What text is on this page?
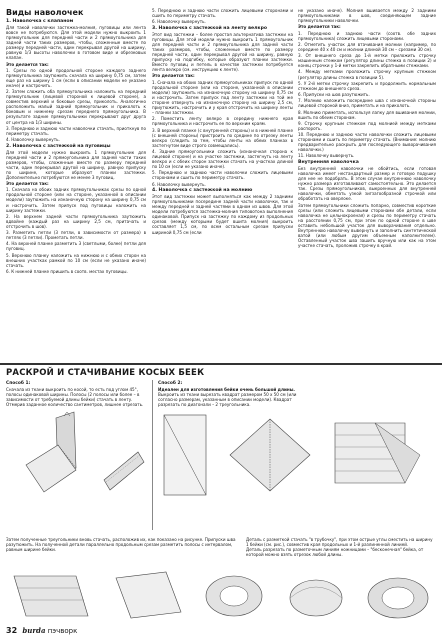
Виды наволочек
1. Наволочка с клапаном

Для такой наволочки застежка-молния, пуговицы или лента вовсе не потребуются. Для этой модели нужно выкроить 1 прямоугольник для передней части и 2 прямоугольника для задней части таких размеров, чтобы, сложенные вместе по размеру передней части, один перекрывал другой на ширину, равную 1/3 высоты наволочки в готовом виде и обрезковых клапан.

Это делается так:

1. Срезы по одной продольной стороне каждого заднего прямоугольника заутюжить сначала на ширину 0,75 см, затем еще раз на ширину 1 см (если в описании модели не указано иначе) и настрочить.

2. Затем сложить оба прямоугольника наложить на передний прямоугольник (лицевой стороной к лицевой стороне), а совместив верхний и боковые срезы, приколоть. Аналогично расположить малый задний прямоугольник и приколоть к боковым и нижнему срезам переднего прямоугольника. В результате задние прямоугольники перекрывают друг друга от центра на 1/3 ширины.

3. Переднюю и заднюю части наволочки стачать, приоткнув по периметру стачать.

4. Наволочку вывернуть.

2. Наволочка с застежкой на пуговицы

Для этой модели нужно выкроить 1 прямоугольник для передней части и 2 прямоугольника для задней части таких размеров, чтобы, сложенные вместе по размеру передней части, один перекрывал другой на ширину, равную припуску по ширине, которые образуют планки застежки. Дополнительно потребуются не менее 3 пуговиц.

Это делается так:

1. Сначала на обоих задних прямоугольниках срезы по одной продольной стороне (или на стороне, указанной в описании модели) заутюжить на изнаночную сторону на ширину 0,75 см и настрочить. Затем припуск под пуговицы наложить на ширину застежки.

2. На верхнем задней части прямоугольника заутюжить вдвойне (каждый раз на ширину 2,5 см, притачать и отстрочить в шов).

3. Разметить петли (3 петли, в зависимости от размера) в петлях (3 петли). Прометать петли.

4. На верхней планке разметить 3 (светлыми, более) петли для пуговиц.

5. Верхнюю планку наложить на нижнюю и с обеих сторон на внешних участках рамкой по 10 см (если не указано иначе) стачать.

6. К нижней планке пришить в соотв. местах пуговицы.

5. Переднюю и заднюю части сложить лицевыми сторонами и сшить по периметру стачать.

6. Наволочку вывернуть.

3. Наволочка с застежкой на ленту велкро

Этот вид застежки – более простая альтернатива застежки на пуговицы. Для этой модели нужно выкроить 1 прямоугольник для передней части и 2 прямоугольника для задней части таких размеров, чтобы, сложенные вместе по размеру передней части, один перекрывал другой на ширину, равную припуску на подгибку, которые образуют планки застежки. Вместо пуговиц и петель в качестве застежки потребуется лента велкро (см. инструкцию к ленте).

Это делается так:

1. Сначала на обоих задних прямоугольниках припуск по одной продольной стороне (или на стороне, указанной в описании модели) заутюжить на изнаночную сторону на ширину 0,75 см и настрочить. Затем припуск под ленту застежки на той же стороне отвернуть на изнаночную сторону на ширину 2,5 см, приутюжить, настрочить и у края отстрочить на ширину ленты – планки застежки.

2. Поместить ленту велкро в середину нижнего края прямоугольника и настрочить ее по верхним краям.

3. В верхний планке (с внутренней стороны) и в нижней планке (с внешней стороны) пристроить по средине по отрезку ленты велкро (следить за тем, чтобы ленты на обеих планках в застегнутом виде строго совмещались).

4. Задние прямоугольники сложить (изнаночная сторона к лицевой стороне) и на участке застежки, застегнуть на ленту велкро и с обеих сторон застежки стачать на участках длиной по 10 см (если не указано иначе).

5. Переднюю и заднюю части наволочки сложить лицевыми сторонами и сшить по периметру стачать.

6. Наволочку вывернуть.

4. Наволочка с застежкой на молнию

Этот вид застежки может выполняться как между 2 задними прямоугольниками посередине задней части наволочки, так и между передней и задней частями в одном из швов. Для этой модели потребуются застежка-молния типовотона выполнения одинаковой. Припуск на застежку по каждому из продольных срезов (между которыми будет вшита молния) выкроить составляет 1,5 см, по всем остальным срезам припуски шириной 0,75 см (если

не указано иначе). Молния вшивается между 2 задними прямоугольниками в шов, соединяющем задние прямоугольники наволочки.

Это делается так:

1. Переднюю и заднюю части (соотв. обе задних прямоугольника) сложить лицевыми сторонами.

2. Отметить участок для втачивания молнии (например, по середине 40 х 40 см и молнии длиной 30 см – срезами 30 см).

3. От внешнего среза до 1-й метки приложить строчку машинным стежком (регулятор длины стежка в позиции 2) и конец строчки у 1-й метки закрепить обратными стежками.

4. Между метками проложить строчку крупным стежком (регулятор длины стежка в позиции 5).

5. У 2-й метки строчку закрепить и продолжить нормальным стежком до внешнего среза.

6. Припуски на шов разутюжить.

7. Молнию наложить посередине шва с изнаночной стороны лицевой стороной вниз, приметать и на приколоть.

8. Молнию приметать, используя лапку для вшивания молнии, вшить по обеим сторонам.

9. Строчку крупным стежком под молнией между метками распороть.

10. Переднюю и заднюю части наволочки сложить лицевыми сторонами и сшить по периметру стачать. (Внимание: молнию предварительно раскрыть для последующего выворачивания наволочки.)

11. Наволочку вывернуть.

Внутренняя наволочка

Без внутренней наволочки не обойтись, если готовая наволочка имеет нестандартный размер и готовую подушку для нее не подобрать. В этом случае внутреннюю наволочку нужно размера изготавливают самостоятельно. Это делается так. Срезы прямоугольников, выкроенных для внутренней наволочки, обметать узкой зигзагообразной строчкой или обработать на оверлоке.

Затем прямоугольники сложить попарно, совместив короткие срезы (или сложить лицевыми сторонами обе детали, если наволочка не цельнокроеная) и срезы по периметру стачать на расстоянии 0,75 см, при этом по одной стороне в шве оставить небольшой участок для выворачивания отдельно. Внутреннюю наволочку вывернуть и заполнить синтетической ватой (или любым другим объемным наполнителем). Оставленный участок шва зашить вручную или как на этом участке стачать, проложив строчку в край.

РАСКРОЙ И СТАЧИВАНИЕ КОСЫХ БЕЕК
Способ 1:
Сначала из ткани выкроить по косой, то есть под углом 45°, полосы одинаковой ширины. Полосы (2 полосы или более – в зависимости от требуемой длины бейки) стачать в ленту. Отмерив заданное количество сантиметров, лишнее отрезать.
Способ 2:
Идеален для изготовления бейки очень большой длины.
Выкроить из ткани вырезать квадрат размером 50 х 50 см (или согласно размерам, указанным в описании модели). Квадрат разрезать по диагонали – 2 треугольника.
Затем полученные треугольники вновь стачать, расположив их, как показано на рисунке. Припуски шва разутюжить. На полученной детали параллельно продольным срезам разметить полосы с интервалом, равным ширине бейки.
Деталь с разметкой стачать "в трубочку", при этом острые углы сместить на ширину 1 бейки (см. рис.), совместив края продольных и 1-й разлиненной линией.
Деталь разрезать по разметочным линиям ножницами – "бесконечная" бейка, от которой можно взять отрезок любой длины.
32 burda пэчворк
